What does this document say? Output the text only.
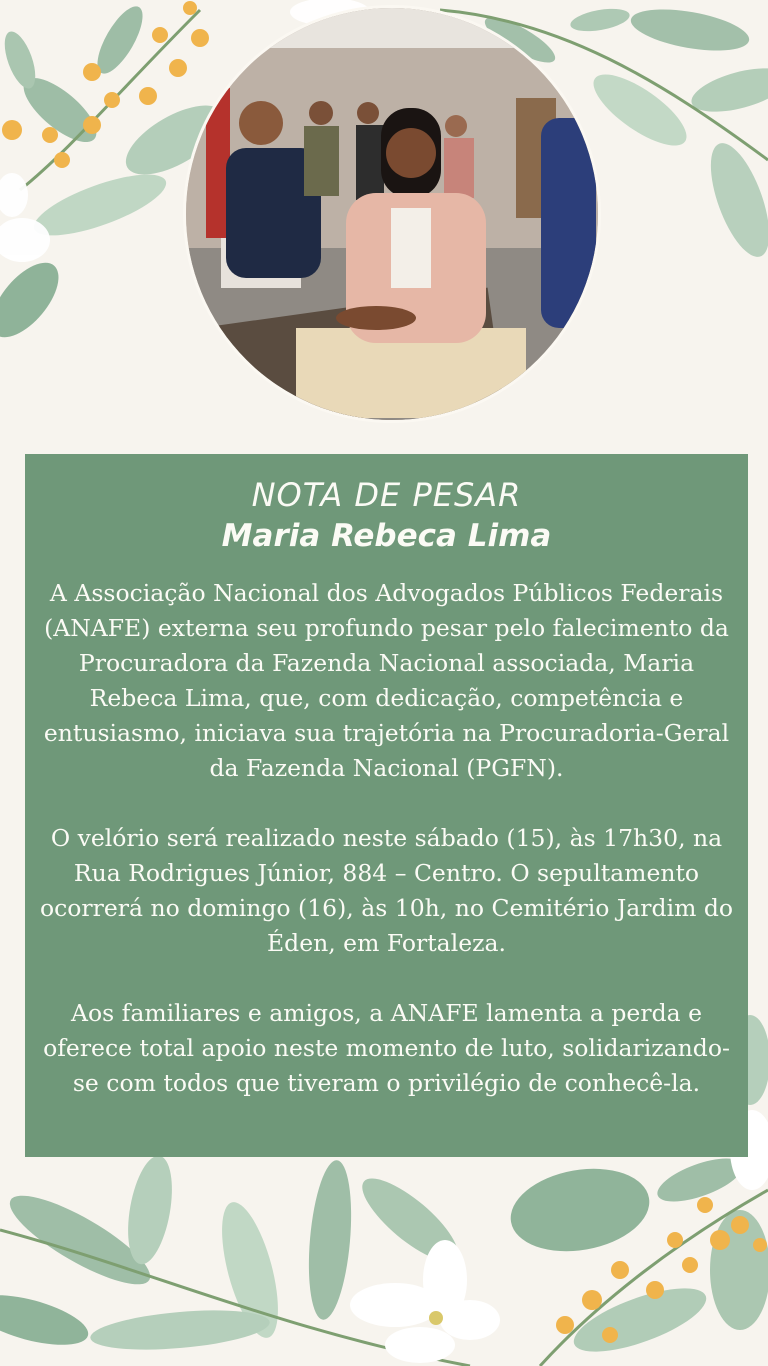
NOTA DE PESAR
Maria Rebeca Lima

A Associação Nacional dos Advogados Públicos Federais (ANAFE) externa seu profundo pesar pelo falecimento da Procuradora da Fazenda Nacional associada, Maria Rebeca Lima, que, com dedicação, competência e entusiasmo, iniciava sua trajetória na Procuradoria-Geral da Fazenda Nacional (PGFN).

O velório será realizado neste sábado (15), às 17h30, na Rua Rodrigues Júnior, 884 – Centro. O sepultamento ocorrerá no domingo (16), às 10h, no Cemitério Jardim do Éden, em Fortaleza.

Aos familiares e amigos, a ANAFE lamenta a perda e oferece total apoio neste momento de luto, solidarizando-se com todos que tiveram o privilégio de conhecê-la.
